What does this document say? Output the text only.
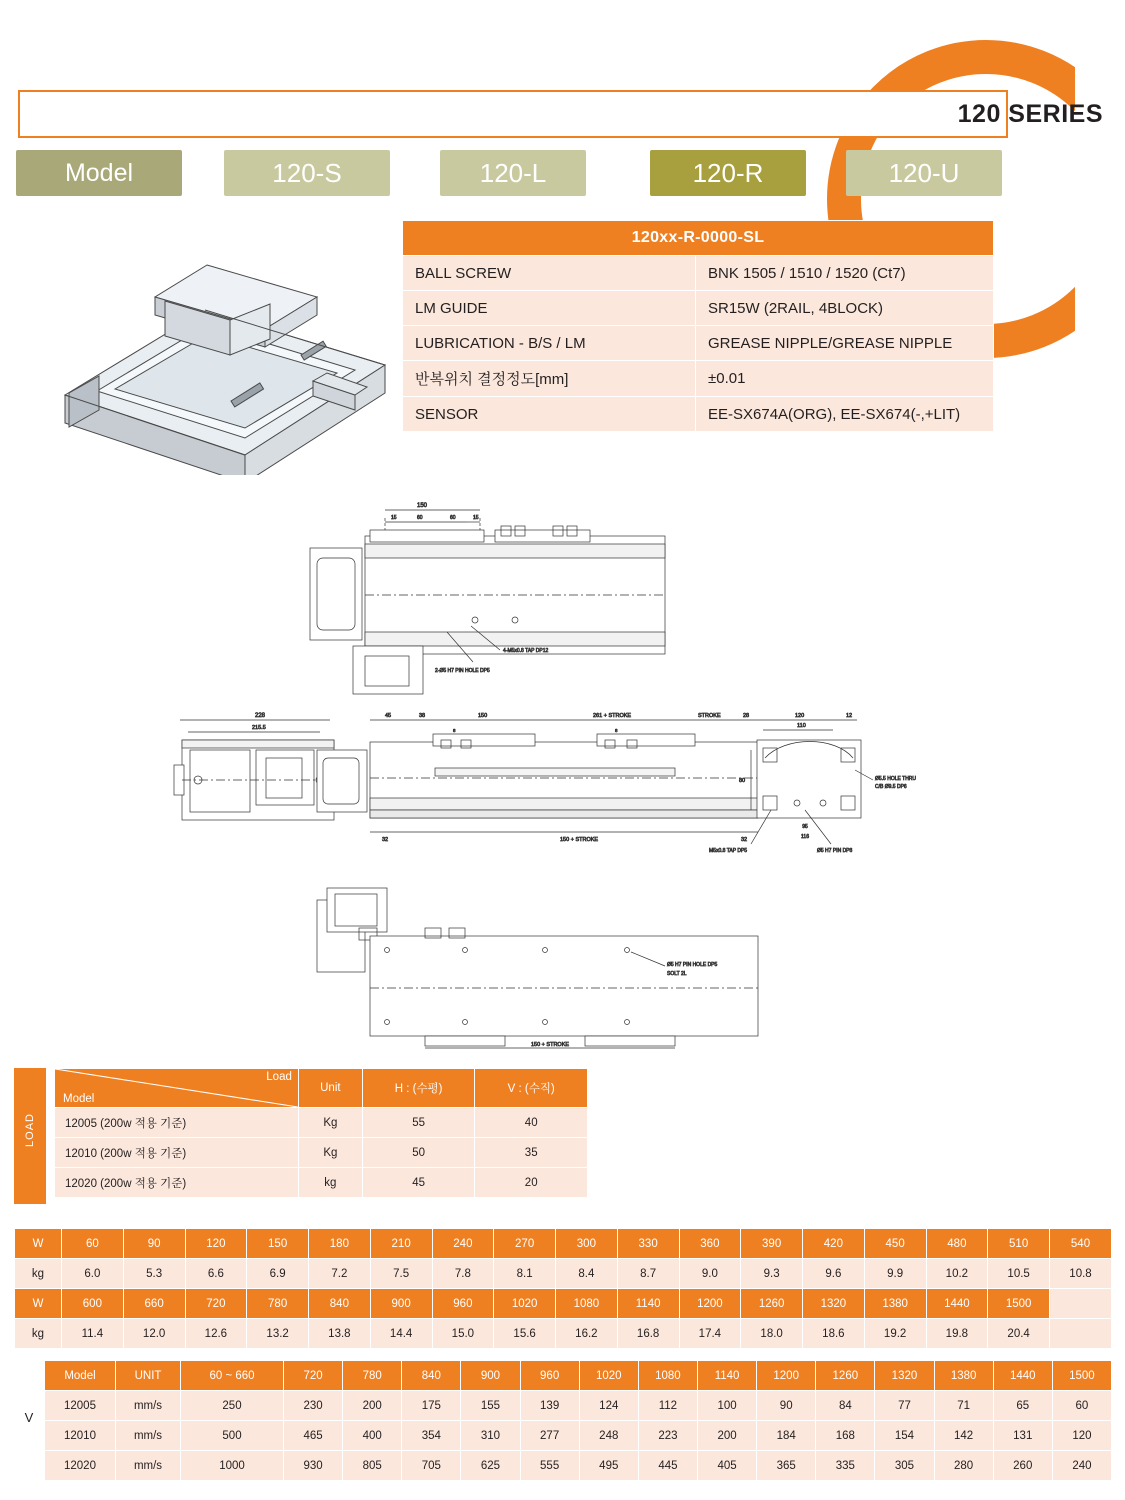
120 SERIES
Model	120-S	120-L	120-R	120-U
120xx-R-0000-SL	
BALL SCREW	BNK 1505 / 1510 / 1520 (Ct7)
LM GUIDE	SR15W (2RAIL, 4BLOCK)
LUBRICATION - B/S / LM	GREASE NIPPLE/GREASE NIPPLE
반복위치 결정정도[mm]	±0.01
SENSOR	EE-SX674A(ORG), EE-SX674(-,+LIT)
150
15	60	60	15
4-M5x0.8 TAP DP12
2-Ø5 H7 PIN HOLE DP5
228
215.5
45	38	150	261 + STROKE	STROKE	28
8	8
32	150 + STROKE	32
120	12
110
80
95
116
Ø5.5 HOLE THRU
C/B Ø9.5 DP6
M5x0.8 TAP DP5	Ø5 H7 PIN DP8
Ø5 H7 PIN HOLE DP5
SOLT 2L
150 + STROKE
LOAD
Load
Model	Unit	H : (수평)	V : (수직)
12005 (200w 적용 기준)	Kg	55	40
12010 (200w 적용 기준)	Kg	50	35
12020 (200w 적용 기준)	kg	45	20
W	60	90	120	150	180	210	240	270	300	330	360	390	420	450	480	510	540
kg	6.0	5.3	6.6	6.9	7.2	7.5	7.8	8.1	8.4	8.7	9.0	9.3	9.6	9.9	10.2	10.5	10.8
W	600	660	720	780	840	900	960	1020	1080	1140	1200	1260	1320	1380	1440	1500	
kg	11.4	12.0	12.6	13.2	13.8	14.4	15.0	15.6	16.2	16.8	17.4	18.0	18.6	19.2	19.8	20.4	
V
Model	UNIT	60 ~ 660	720	780	840	900	960	1020	1080	1140	1200	1260	1320	1380	1440	1500
12005	mm/s	250	230	200	175	155	139	124	112	100	90	84	77	71	65	60
12010	mm/s	500	465	400	354	310	277	248	223	200	184	168	154	142	131	120
12020	mm/s	1000	930	805	705	625	555	495	445	405	365	335	305	280	260	240
